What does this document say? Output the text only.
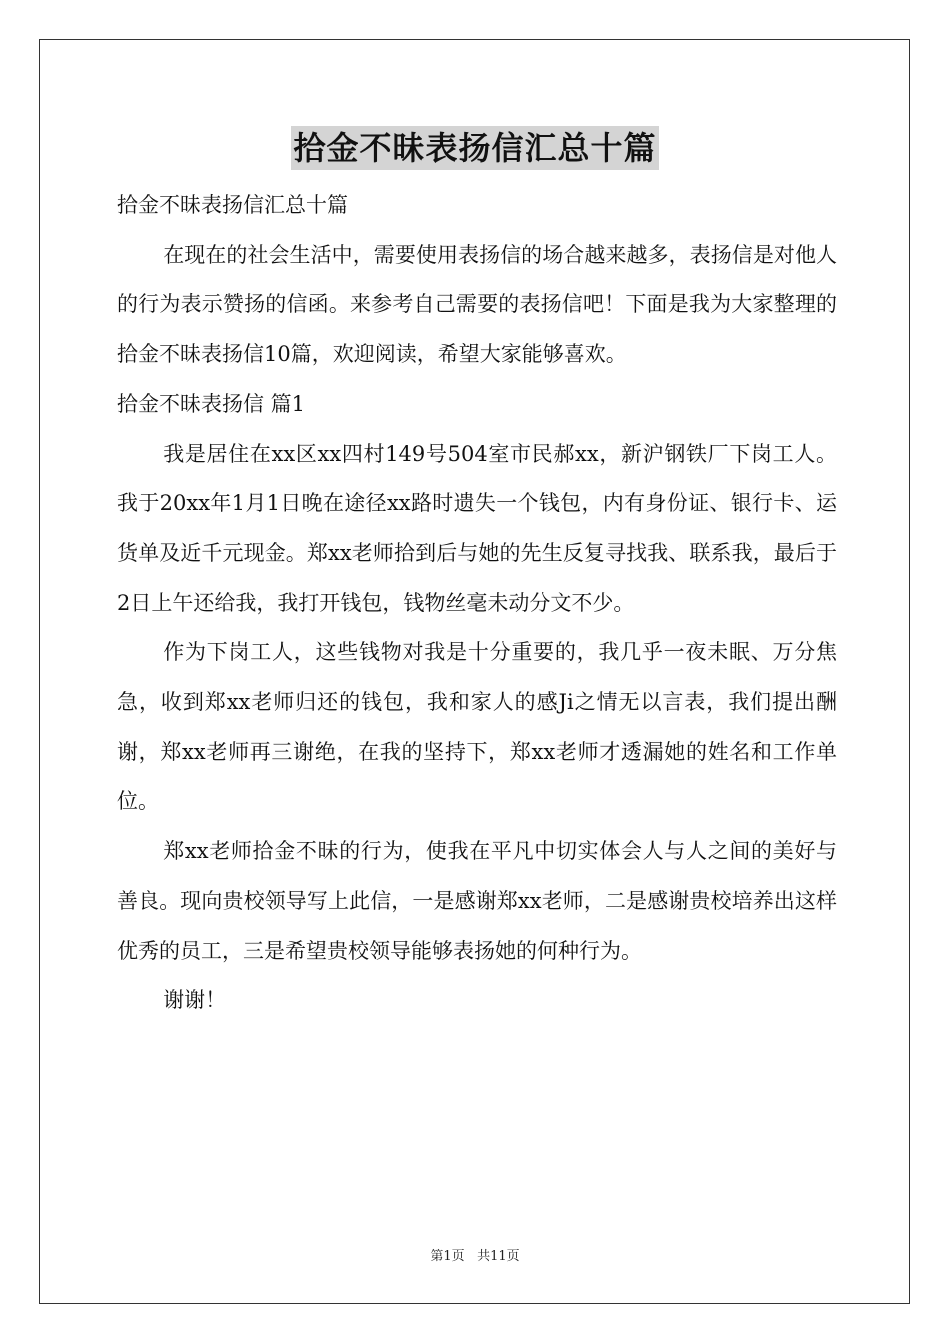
拾金不昧表扬信汇总十篇

拾金不昧表扬信汇总十篇

在现在的社会生活中，需要使用表扬信的场合越来越多，表扬信是对他人的行为表示赞扬的信函。来参考自己需要的表扬信吧！下面是我为大家整理的拾金不昧表扬信10篇，欢迎阅读，希望大家能够喜欢。

拾金不昧表扬信 篇1

我是居住在xx区xx四村149号504室市民郝xx，新沪钢铁厂下岗工人。我于20xx年1月1日晚在途径xx路时遗失一个钱包，内有身份证、银行卡、运货单及近千元现金。郑xx老师拾到后与她的先生反复寻找我、联系我，最后于2日上午还给我，我打开钱包，钱物丝毫未动分文不少。

作为下岗工人，这些钱物对我是十分重要的，我几乎一夜未眠、万分焦急，收到郑xx老师归还的钱包，我和家人的感Ji之情无以言表，我们提出酬谢，郑xx老师再三谢绝，在我的坚持下，郑xx老师才透漏她的姓名和工作单位。

郑xx老师拾金不昧的行为，使我在平凡中切实体会人与人之间的美好与善良。现向贵校领导写上此信，一是感谢郑xx老师，二是感谢贵校培养出这样优秀的员工，三是希望贵校领导能够表扬她的何种行为。

谢谢！

第1页 共11页
